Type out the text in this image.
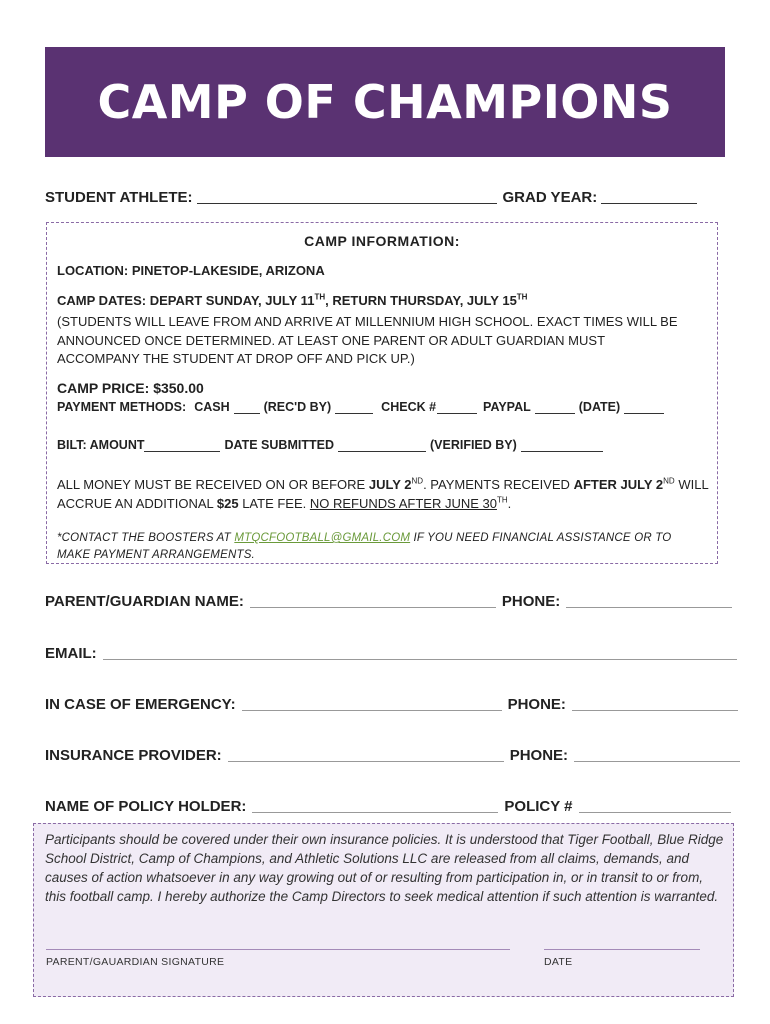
CAMP OF CHAMPIONS
STUDENT ATHLETE:	GRAD YEAR:
CAMP INFORMATION:
LOCATION: PINETOP-LAKESIDE, ARIZONA
CAMP DATES: DEPART SUNDAY, JULY 11TH, RETURN THURSDAY, JULY 15TH
(STUDENTS WILL LEAVE FROM AND ARRIVE AT MILLENNIUM HIGH SCHOOL. EXACT TIMES WILL BE
ANNOUNCED ONCE DETERMINED. AT LEAST ONE PARENT OR ADULT GUARDIAN MUST
ACCOMPANY THE STUDENT AT DROP OFF AND PICK UP.)
CAMP PRICE: $350.00
PAYMENT METHODS: CASH	(REC'D BY)	CHECK #	PAYPAL	(DATE)
BILT: AMOUNT	DATE SUBMITTED	(VERIFIED BY)
ALL MONEY MUST BE RECEIVED ON OR BEFORE JULY 2ND. PAYMENTS RECEIVED AFTER JULY 2ND WILL
ACCRUE AN ADDITIONAL $25 LATE FEE. NO REFUNDS AFTER JUNE 30TH.
*CONTACT THE BOOSTERS AT MTQCFOOTBALL@GMAIL.COM IF YOU NEED FINANCIAL ASSISTANCE OR TO
MAKE PAYMENT ARRANGEMENTS.
PARENT/GUARDIAN NAME:	PHONE:
EMAIL:
IN CASE OF EMERGENCY:	PHONE:
INSURANCE PROVIDER:	PHONE:
NAME OF POLICY HOLDER:	POLICY #
Participants should be covered under their own insurance policies. It is understood that Tiger Football, Blue Ridge School District, Camp of Champions, and Athletic Solutions LLC are released from all claims, demands, and causes of action whatsoever in any way growing out of or resulting from participation in, or in transit to or from, this football camp. I hereby authorize the Camp Directors to seek medical attention if such attention is warranted.
PARENT/GAUARDIAN SIGNATURE	DATE
